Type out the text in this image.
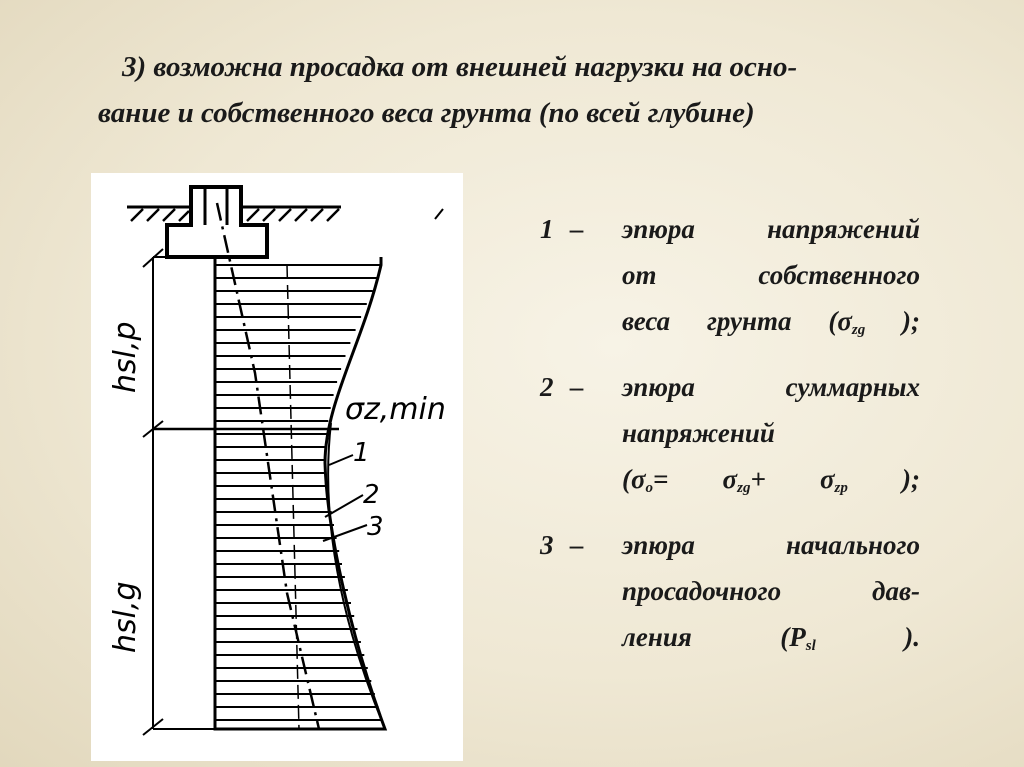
3) возможна просадка от внешней нагрузки на осно-
вание и собственного веса грунта (по всей глубине)
hsl,p
hsl,g
σz,min
1
2
3
1 –	эпюра напряжений
от собственного
веса грунта ($\sigma_{zg}$ );
2 –	эпюра суммарных
напряжений
($\sigma_o= \sigma_{zg}+ \sigma_{zp}$ );
3 –	эпюра начального
просадочного дав-
ления ($P_{sl}$ ).
